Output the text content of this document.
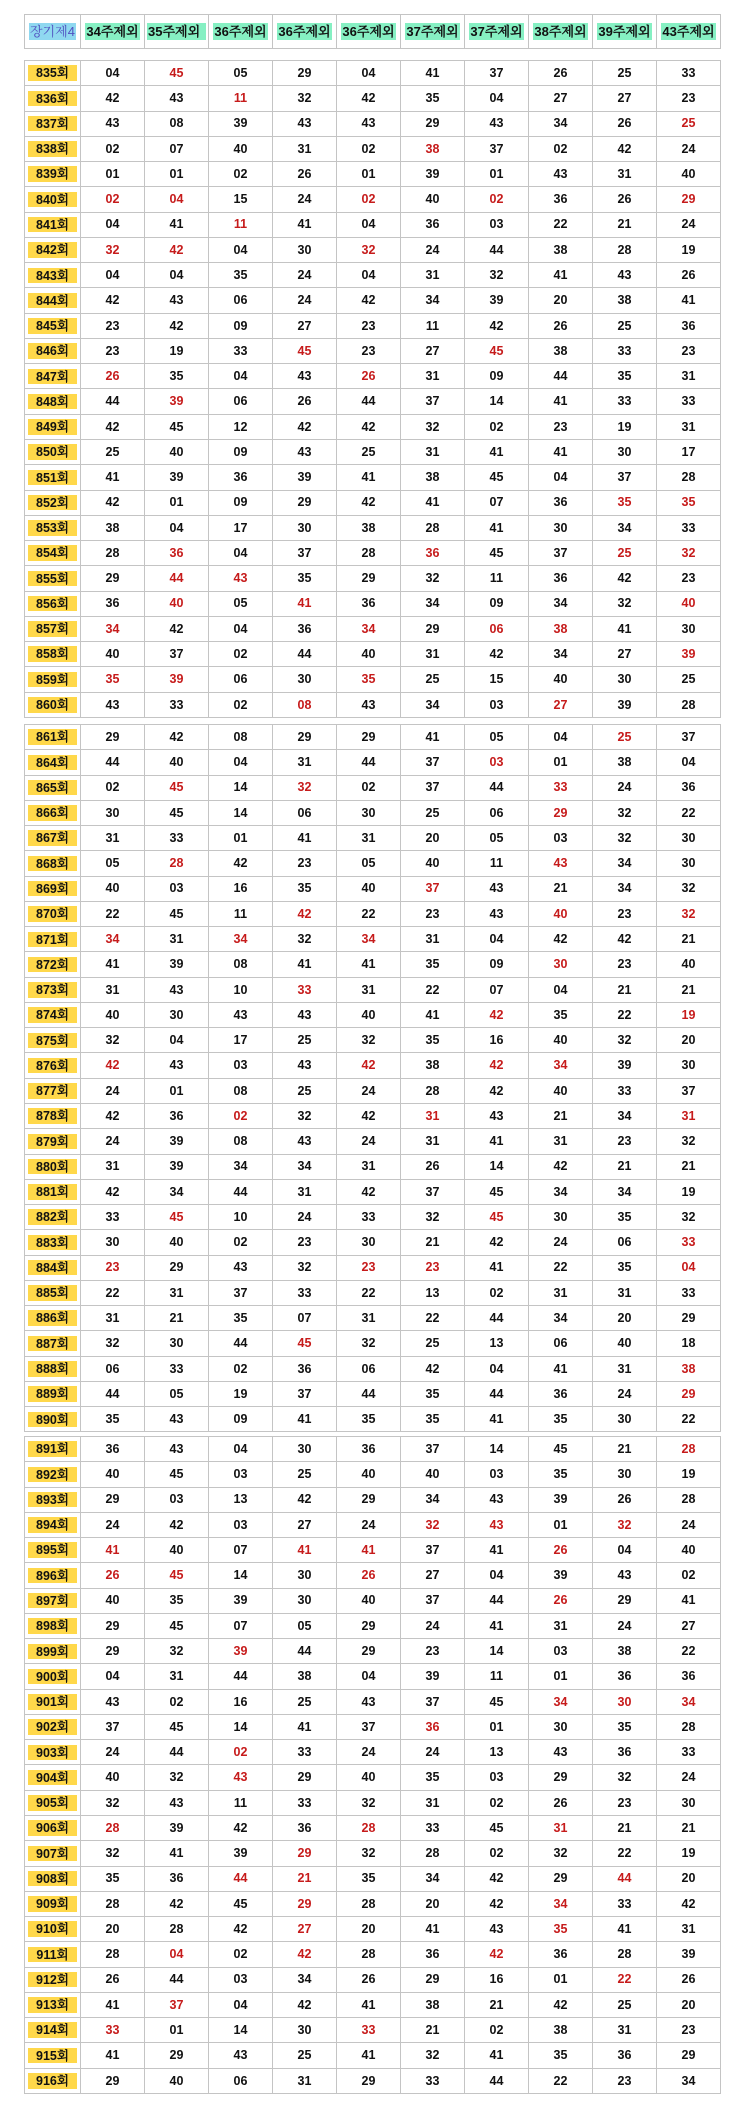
장기제4	34주제외	35주제외	36주제외	36주제외	36주제외	37주제외	37주제외	38주제외	39주제외	43주제외
835회	04	45	05	29	04	41	37	26	25	33

836회	42	43	11	32	42	35	04	27	27	23

837회	43	08	39	43	43	29	43	34	26	25

838회	02	07	40	31	02	38	37	02	42	24

839회	01	01	02	26	01	39	01	43	31	40

840회	02	04	15	24	02	40	02	36	26	29

841회	04	41	11	41	04	36	03	22	21	24

842회	32	42	04	30	32	24	44	38	28	19

843회	04	04	35	24	04	31	32	41	43	26

844회	42	43	06	24	42	34	39	20	38	41

845회	23	42	09	27	23	11	42	26	25	36

846회	23	19	33	45	23	27	45	38	33	23

847회	26	35	04	43	26	31	09	44	35	31

848회	44	39	06	26	44	37	14	41	33	33

849회	42	45	12	42	42	32	02	23	19	31

850회	25	40	09	43	25	31	41	41	30	17

851회	41	39	36	39	41	38	45	04	37	28

852회	42	01	09	29	42	41	07	36	35	35

853회	38	04	17	30	38	28	41	30	34	33

854회	28	36	04	37	28	36	45	37	25	32

855회	29	44	43	35	29	32	11	36	42	23

856회	36	40	05	41	36	34	09	34	32	40

857회	34	42	04	36	34	29	06	38	41	30

858회	40	37	02	44	40	31	42	34	27	39

859회	35	39	06	30	35	25	15	40	30	25

860회	43	33	02	08	43	34	03	27	39	28
861회	29	42	08	29	29	41	05	04	25	37

864회	44	40	04	31	44	37	03	01	38	04

865회	02	45	14	32	02	37	44	33	24	36

866회	30	45	14	06	30	25	06	29	32	22

867회	31	33	01	41	31	20	05	03	32	30

868회	05	28	42	23	05	40	11	43	34	30

869회	40	03	16	35	40	37	43	21	34	32

870회	22	45	11	42	22	23	43	40	23	32

871회	34	31	34	32	34	31	04	42	42	21

872회	41	39	08	41	41	35	09	30	23	40

873회	31	43	10	33	31	22	07	04	21	21

874회	40	30	43	43	40	41	42	35	22	19

875회	32	04	17	25	32	35	16	40	32	20

876회	42	43	03	43	42	38	42	34	39	30

877회	24	01	08	25	24	28	42	40	33	37

878회	42	36	02	32	42	31	43	21	34	31

879회	24	39	08	43	24	31	41	31	23	32

880회	31	39	34	34	31	26	14	42	21	21

881회	42	34	44	31	42	37	45	34	34	19

882회	33	45	10	24	33	32	45	30	35	32

883회	30	40	02	23	30	21	42	24	06	33

884회	23	29	43	32	23	23	41	22	35	04

885회	22	31	37	33	22	13	02	31	31	33

886회	31	21	35	07	31	22	44	34	20	29

887회	32	30	44	45	32	25	13	06	40	18

888회	06	33	02	36	06	42	04	41	31	38

889회	44	05	19	37	44	35	44	36	24	29

890회	35	43	09	41	35	35	41	35	30	22
891회	36	43	04	30	36	37	14	45	21	28

892회	40	45	03	25	40	40	03	35	30	19

893회	29	03	13	42	29	34	43	39	26	28

894회	24	42	03	27	24	32	43	01	32	24

895회	41	40	07	41	41	37	41	26	04	40

896회	26	45	14	30	26	27	04	39	43	02

897회	40	35	39	30	40	37	44	26	29	41

898회	29	45	07	05	29	24	41	31	24	27

899회	29	32	39	44	29	23	14	03	38	22

900회	04	31	44	38	04	39	11	01	36	36

901회	43	02	16	25	43	37	45	34	30	34

902회	37	45	14	41	37	36	01	30	35	28

903회	24	44	02	33	24	24	13	43	36	33

904회	40	32	43	29	40	35	03	29	32	24

905회	32	43	11	33	32	31	02	26	23	30

906회	28	39	42	36	28	33	45	31	21	21

907회	32	41	39	29	32	28	02	32	22	19

908회	35	36	44	21	35	34	42	29	44	20

909회	28	42	45	29	28	20	42	34	33	42

910회	20	28	42	27	20	41	43	35	41	31

911회	28	04	02	42	28	36	42	36	28	39

912회	26	44	03	34	26	29	16	01	22	26

913회	41	37	04	42	41	38	21	42	25	20

914회	33	01	14	30	33	21	02	38	31	23

915회	41	29	43	25	41	32	41	35	36	29

916회	29	40	06	31	29	33	44	22	23	34
